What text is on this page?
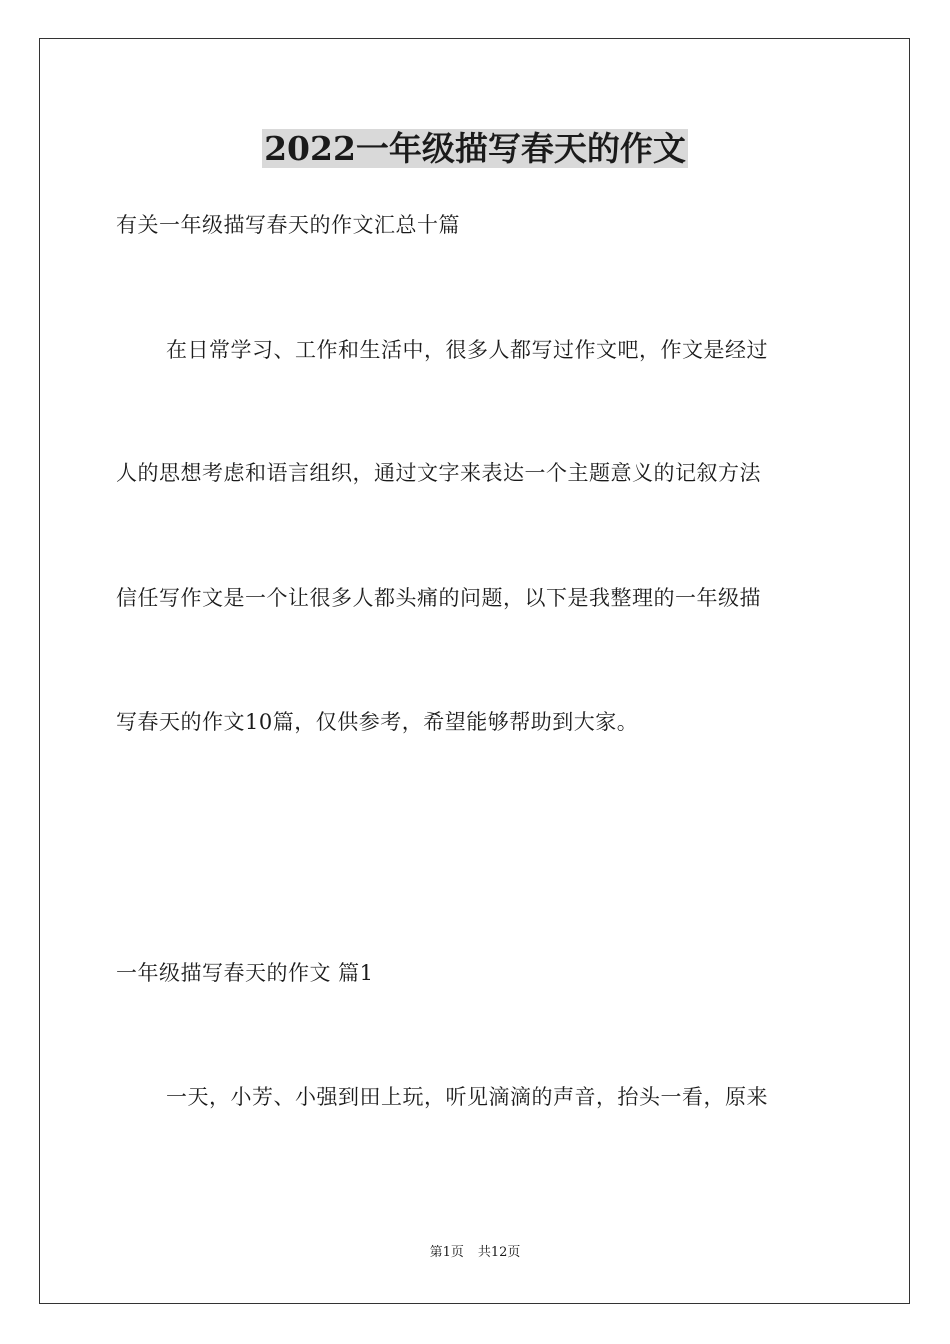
2022一年级描写春天的作文
有关一年级描写春天的作文汇总十篇
在日常学习、工作和生活中，很多人都写过作文吧，作文是经过
人的思想考虑和语言组织，通过文字来表达一个主题意义的记叙方法
信任写作文是一个让很多人都头痛的问题，以下是我整理的一年级描
写春天的作文10篇，仅供参考，希望能够帮助到大家。
一年级描写春天的作文 篇1
一天，小芳、小强到田上玩，听见滴滴的声音，抬头一看，原来
第1页 共12页
